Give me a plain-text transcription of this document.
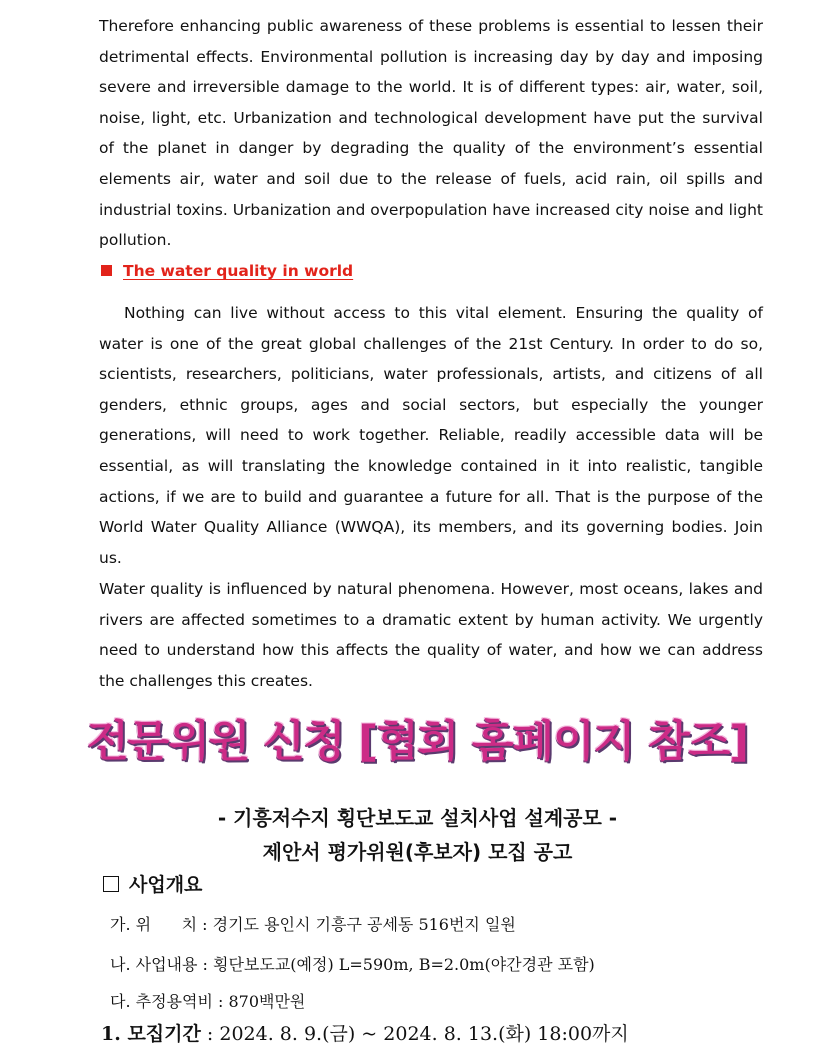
Therefore enhancing public awareness of these problems is essential to lessen their detrimental effects. Environmental pollution is increasing day by day and imposing severe and irreversible damage to the world. It is of different types: air, water, soil, noise, light, etc. Urbanization and technological development have put the survival of the planet in danger by degrading the quality of the environment’s essential elements air, water and soil due to the release of fuels, acid rain, oil spills and industrial toxins. Urbanization and overpopulation have increased city noise and light pollution.

The water quality in world

Nothing can live without access to this vital element. Ensuring the quality of water is one of the great global challenges of the 21st Century. In order to do so, scientists, researchers, politicians, water professionals, artists, and citizens of all genders, ethnic groups, ages and social sectors, but especially the younger generations, will need to work together. Reliable, readily accessible data will be essential, as will translating the knowledge contained in it into realistic, tangible actions, if we are to build and guarantee a future for all. That is the purpose of the World Water Quality Alliance (WWQA), its members, and its governing bodies. Join us.

Water quality is influenced by natural phenomena. However, most oceans, lakes and rivers are affected sometimes to a dramatic extent by human activity. We urgently need to understand how this affects the quality of water, and how we can address the challenges this creates.

전문위원 신청 [협회 홈페이지 참조]
- 기흥저수지 횡단보도교 설치사업 설계공모 -
제안서 평가위원(후보자) 모집 공고
사업개요
가. 위      치 : 경기도 용인시 기흥구 공세동 516번지 일원
나. 사업내용 : 횡단보도교(예정) L=590m, B=2.0m(야간경관 포함)
다. 추정용역비 : 870백만원
1. 모집기간 : 2024. 8. 9.(금) ~ 2024. 8. 13.(화) 18:00까지
